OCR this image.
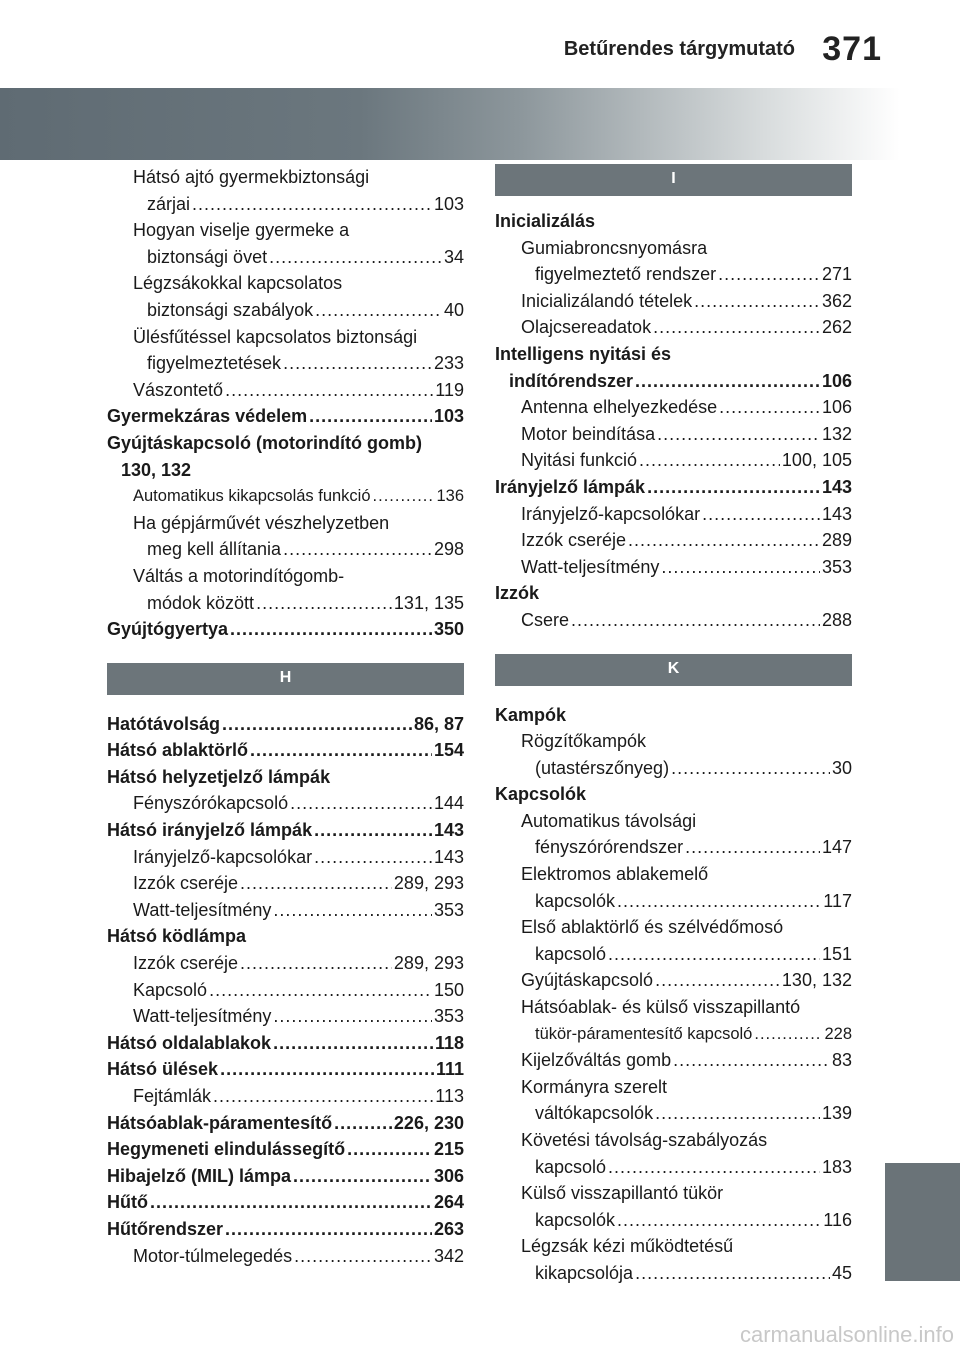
Betűrendes tárgymutató 371
Hátsó ajtó gyermekbiztonsági
zárjai .....	103
Hogyan viselje gyermeke a
biztonsági övet .....	34
Légzsákokkal kapcsolatos
biztonsági szabályok .....	40
Ülésfűtéssel kapcsolatos biztonsági
figyelmeztetések .....	233
Vászontető .....	119
Gyermekzáras védelem .....	103
Gyújtáskapcsoló (motorindító gomb)
130, 132
Automatikus kikapcsolás funkció .....	136
Ha gépjárművét vészhelyzetben
meg kell állítania .....	298
Váltás a motorindítógomb-
módok között .....	131, 135
Gyújtógyertya .....	350
H
Hatótávolság .....	86, 87
Hátsó ablaktörlő .....	154
Hátsó helyzetjelző lámpák
Fényszórókapcsoló .....	144
Hátsó irányjelző lámpák .....	143
Irányjelző-kapcsolókar .....	143
Izzók cseréje .....	289, 293
Watt-teljesítmény .....	353
Hátsó ködlámpa
Izzók cseréje .....	289, 293
Kapcsoló .....	150
Watt-teljesítmény .....	353
Hátsó oldalablakok .....	118
Hátsó ülések .....	111
Fejtámlák .....	113
Hátsóablak-páramentesítő .....	226, 230
Hegymeneti elindulássegítő .....	215
Hibajelző (MIL) lámpa .....	306
Hűtő .....	264
Hűtőrendszer .....	263
Motor-túlmelegedés .....	342
I
Inicializálás
Gumiabroncsnyomásra
figyelmeztető rendszer .....	271
Inicializálandó tételek .....	362
Olajcsereadatok .....	262
Intelligens nyitási és
indítórendszer .....	106
Antenna elhelyezkedése .....	106
Motor beindítása .....	132
Nyitási funkció .....	100, 105
Irányjelző lámpák .....	143
Irányjelző-kapcsolókar .....	143
Izzók cseréje .....	289
Watt-teljesítmény .....	353
Izzók
Csere .....	288
K
Kampók
Rögzítőkampók
(utastérszőnyeg) .....	30
Kapcsolók
Automatikus távolsági
fényszórórendszer .....	147
Elektromos ablakemelő
kapcsolók .....	117
Első ablaktörlő és szélvédőmosó
kapcsoló .....	151
Gyújtáskapcsoló .....	130, 132
Hátsóablak- és külső visszapillantó
tükör-páramentesítő kapcsoló .....	228
Kijelzőváltás gomb .....	83
Kormányra szerelt
váltókapcsolók .....	139
Követési távolság-szabályozás
kapcsoló .....	183
Külső visszapillantó tükör
kapcsolók .....	116
Légzsák kézi működtetésű
kikapcsolója .....	45
carmanualsonline.info
